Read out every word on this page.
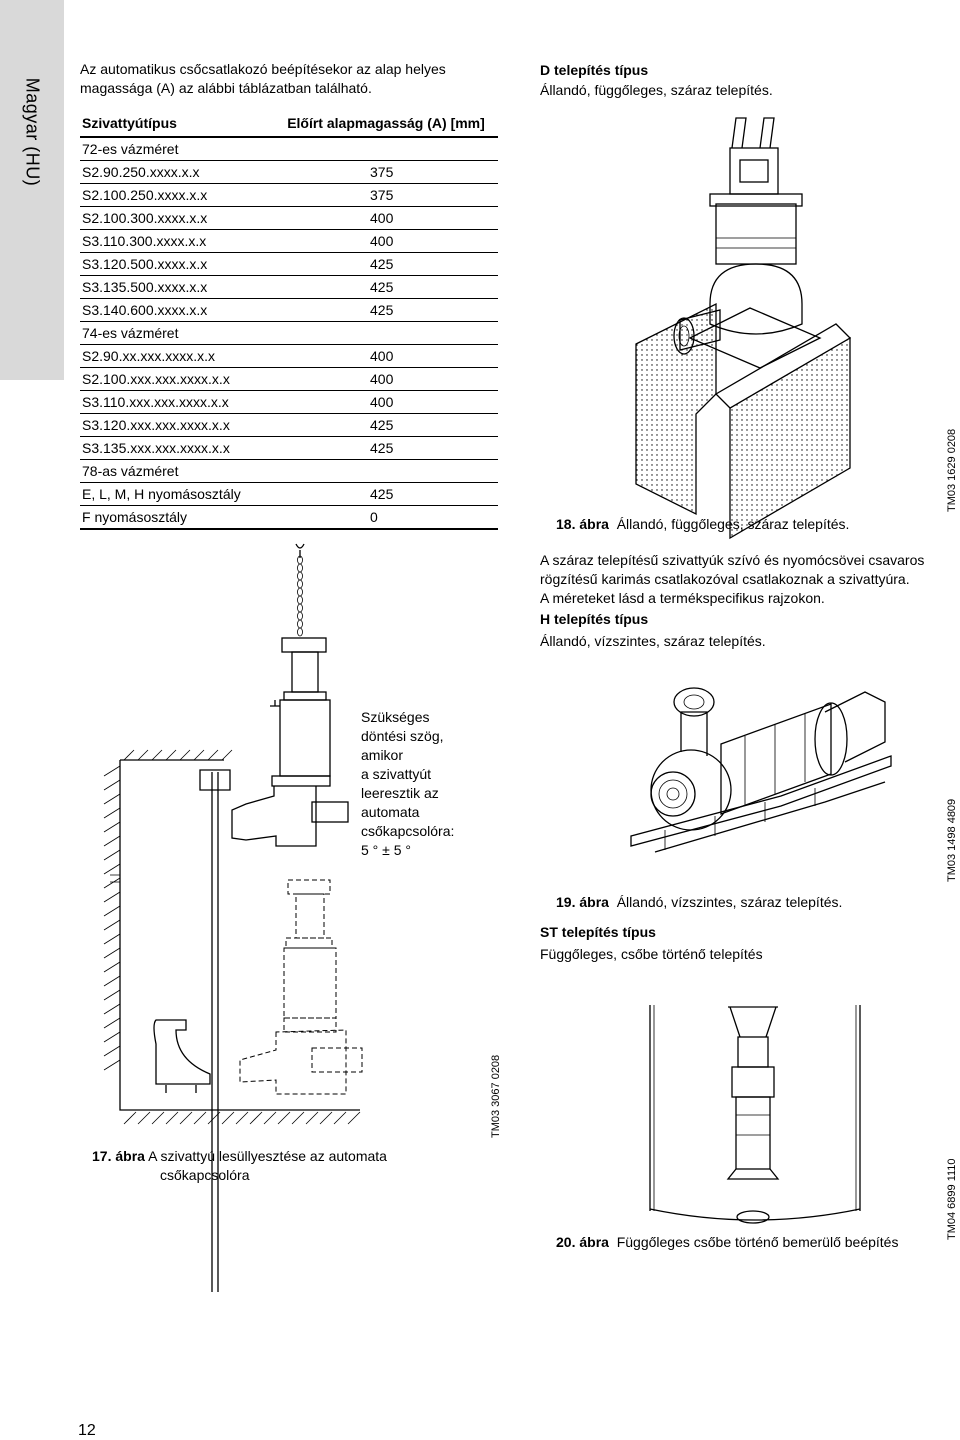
Magyar (HU)
Az automatikus csőcsatlakozó beépítésekor az alap helyes magassága (A) az alábbi táblázatban található.
Szivattyútípus	Előírt alapmagasság (A) [mm]
72-es vázméret	
S2.90.250.xxxx.x.x	375
S2.100.250.xxxx.x.x	375
S2.100.300.xxxx.x.x	400
S3.110.300.xxxx.x.x	400
S3.120.500.xxxx.x.x	425
S3.135.500.xxxx.x.x	425
S3.140.600.xxxx.x.x	425
74-es vázméret	
S2.90.xx.xxx.xxxx.x.x	400
S2.100.xxx.xxx.xxxx.x.x	400
S3.110.xxx.xxx.xxxx.x.x	400
S3.120.xxx.xxx.xxxx.x.x	425
S3.135.xxx.xxx.xxxx.x.x	425
78-as vázméret	
E, L, M, H nyomásosztály	425
F nyomásosztály	0
Szükséges
döntési szög,
amikor
a szivattyút
leeresztik az
automata
csőkapcsolóra:
5 ° ± 5 °
TM03 3067 0208
17. ábra A szivattyú lesüllyesztése az automata
csőkapcsolóra
D telepítés típus
Állandó, függőleges, száraz telepítés.
18. ábra Állandó, függőleges, száraz telepítés.
TM03 1629 0208
A száraz telepítésű szivattyúk szívó és nyomócsövei csavaros
rögzítésű karimás csatlakozóval csatlakoznak a szivattyúra.
A méreteket lásd a termékspecifikus rajzokon.
H telepítés típus
Állandó, vízszintes, száraz telepítés.
19. ábra Állandó, vízszintes, száraz telepítés.
TM03 1498 4809
ST telepítés típus
Függőleges, csőbe történő telepítés
20. ábra Függőleges csőbe történő bemerülő beépítés
TM04 6899 1110
12
